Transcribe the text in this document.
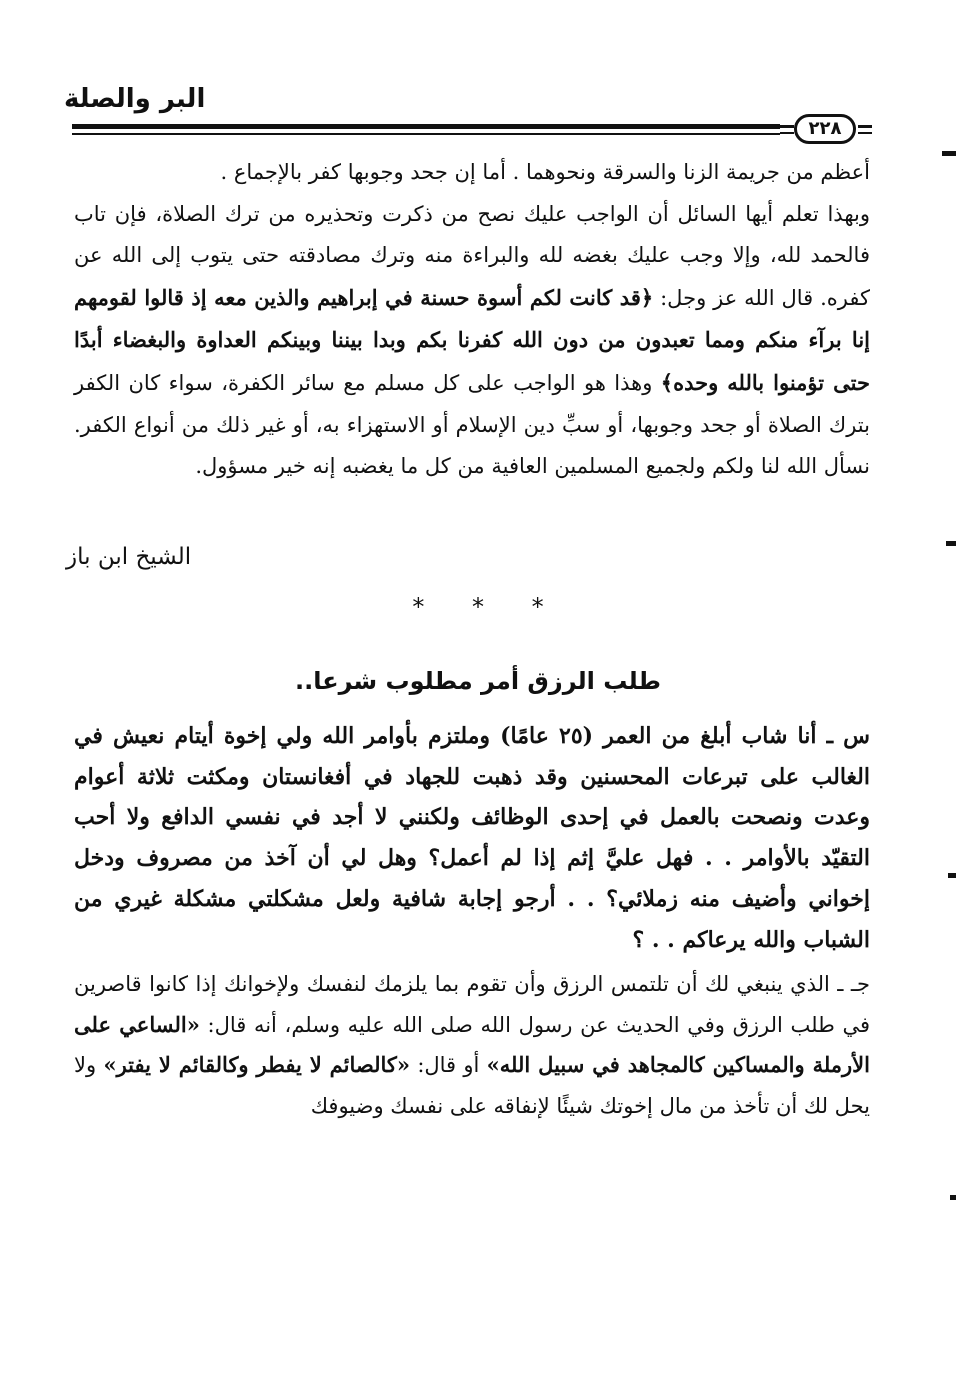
البر والصلة
٢٢٨

أعظم من جريمة الزنا والسرقة ونحوهما . أما إن جحد وجوبها كفر بالإجماع .

وبهذا تعلم أيها السائل أن الواجب عليك نصح من ذكرت وتحذيره من ترك الصلاة، فإن تاب فالحمد لله، وإلا وجب عليك بغضه لله والبراءة منه وترك مصادقته حتى يتوب إلى الله عن كفره. قال الله عز وجل: ﴿قد كانت لكم أسوة حسنة في إبراهيم والذين معه إذ قالوا لقومهم إنا برآء منكم ومما تعبدون من دون الله كفرنا بكم وبدا بيننا وبينكم العداوة والبغضاء أبدًا حتى تؤمنوا بالله وحده﴾ وهذا هو الواجب على كل مسلم مع سائر الكفرة، سواء كان الكفر بترك الصلاة أو جحد وجوبها، أو سبِّ دين الإسلام أو الاستهزاء به، أو غير ذلك من أنواع الكفر. نسأل الله لنا ولكم ولجميع المسلمين العافية من كل ما يغضبه إنه خير مسؤول.

الشيخ ابن باز
* * *
طلب الرزق أمر مطلوب شرعا..

س ـ أنا شاب أبلغ من العمر (٢٥ عامًا) وملتزم بأوامر الله ولي إخوة أيتام نعيش في الغالب على تبرعات المحسنين وقد ذهبت للجهاد في أفغانستان ومكثت ثلاثة أعوام وعدت ونصحت بالعمل في إحدى الوظائف ولكنني لا أجد في نفسي الدافع ولا أحب التقيّد بالأوامر . . فهل عليَّ إثم إذا لم أعمل؟ وهل لي أن آخذ من مصروف ودخل إخواني وأضيف منه زملائي؟ . . أرجو إجابة شافية ولعل مشكلتي مشكلة غيري من الشباب والله يرعاكم . . ؟

جـ ـ الذي ينبغي لك أن تلتمس الرزق وأن تقوم بما يلزمك لنفسك ولإخوانك إذا كانوا قاصرين في طلب الرزق وفي الحديث عن رسول الله صلى الله عليه وسلم، أنه قال: «الساعي على الأرملة والمساكين كالمجاهد في سبيل الله» أو قال: «كالصائم لا يفطر وكالقائم لا يفتر» ولا يحل لك أن تأخذ من مال إخوتك شيئًا لإنفاقه على نفسك وضيوفك
